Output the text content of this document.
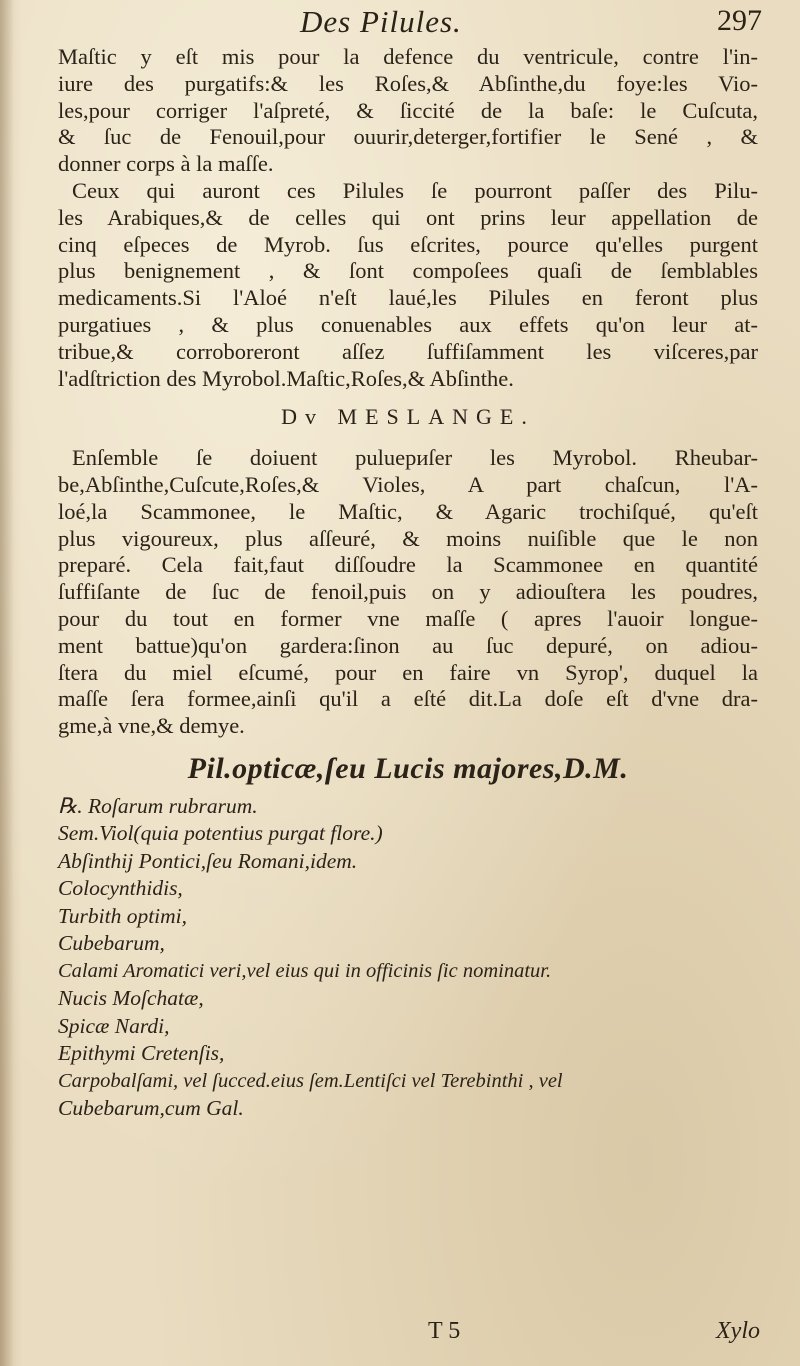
Des Pilules.	297
Maſtic y eſt mis pour la defence du ventricule, contre l'in-
iure des purgatifs:& les Roſes,& Abſinthe,du foye:les Vio-
les,pour corriger l'aſpreté, & ſiccité de la baſe: le Cuſcuta,
& ſuc de Fenouil,pour ouurir,deterger,fortifier le Sené , &
donner corps à la maſſe.
Ceux qui auront ces Pilules ſe pourront paſſer des Pilu-
les Arabiques,& de celles qui ont prins leur appellation de
cinq eſpeces de Myrob. ſus eſcrites, pource qu'elles purgent
plus benignement , & ſont compoſees quaſi de ſemblables
medicaments.Si l'Aloé n'eſt laué,les Pilules en feront plus
purgatiues , & plus conuenables aux effets qu'on leur at-
tribue,& corroboreront aſſez ſuffiſamment les viſceres,par
l'adſtriction des Myrobol.Maſtic,Roſes,& Abſinthe.
Dv MESLANGE.
Enſemble ſe doiuent puluериſer les Myrobol. Rheubar-
be,Abſinthe,Cuſcute,Roſes,& Violes, A part chaſcun, l'A-
loé,la Scammonee, le Maſtic, & Agaric trochiſqué, qu'eſt
plus vigoureux, plus aſſeuré, & moins nuiſible que le non
preparé. Cela fait,faut diſſoudre la Scammonee en quantité
ſuffiſante de ſuc de fenoil,puis on y adiouſtera les poudres,
pour du tout en former vne maſſe ( apres l'auoir longue-
ment battue)qu'on gardera:ſinon au ſuc depuré, on adiou-
ſtera du miel eſcumé, pour en faire vn Syrop', duquel la
maſſe ſera formee,ainſi qu'il a eſté dit.La doſe eſt d'vne dra-
gme,à vne,& demye.
Pil.opticæ,ſeu Lucis majores,D.M.
℞. Roſarum rubrarum.
Sem.Viol(quia potentius purgat flore.)
Abſinthij Pontici,ſeu Romani,idem.
Colocynthidis,
Turbith optimi,
Cubebarum,
Calami Aromatici veri,vel eius qui in officinis ſic nominatur.
Nucis Moſchatæ,
Spicæ Nardi,
Epithymi Cretenſis,
Carpobalſami, vel ſucced.eius ſem.Lentiſci vel Terebinthi , vel
Cubebarum,cum Gal.
T 5	Xylo
